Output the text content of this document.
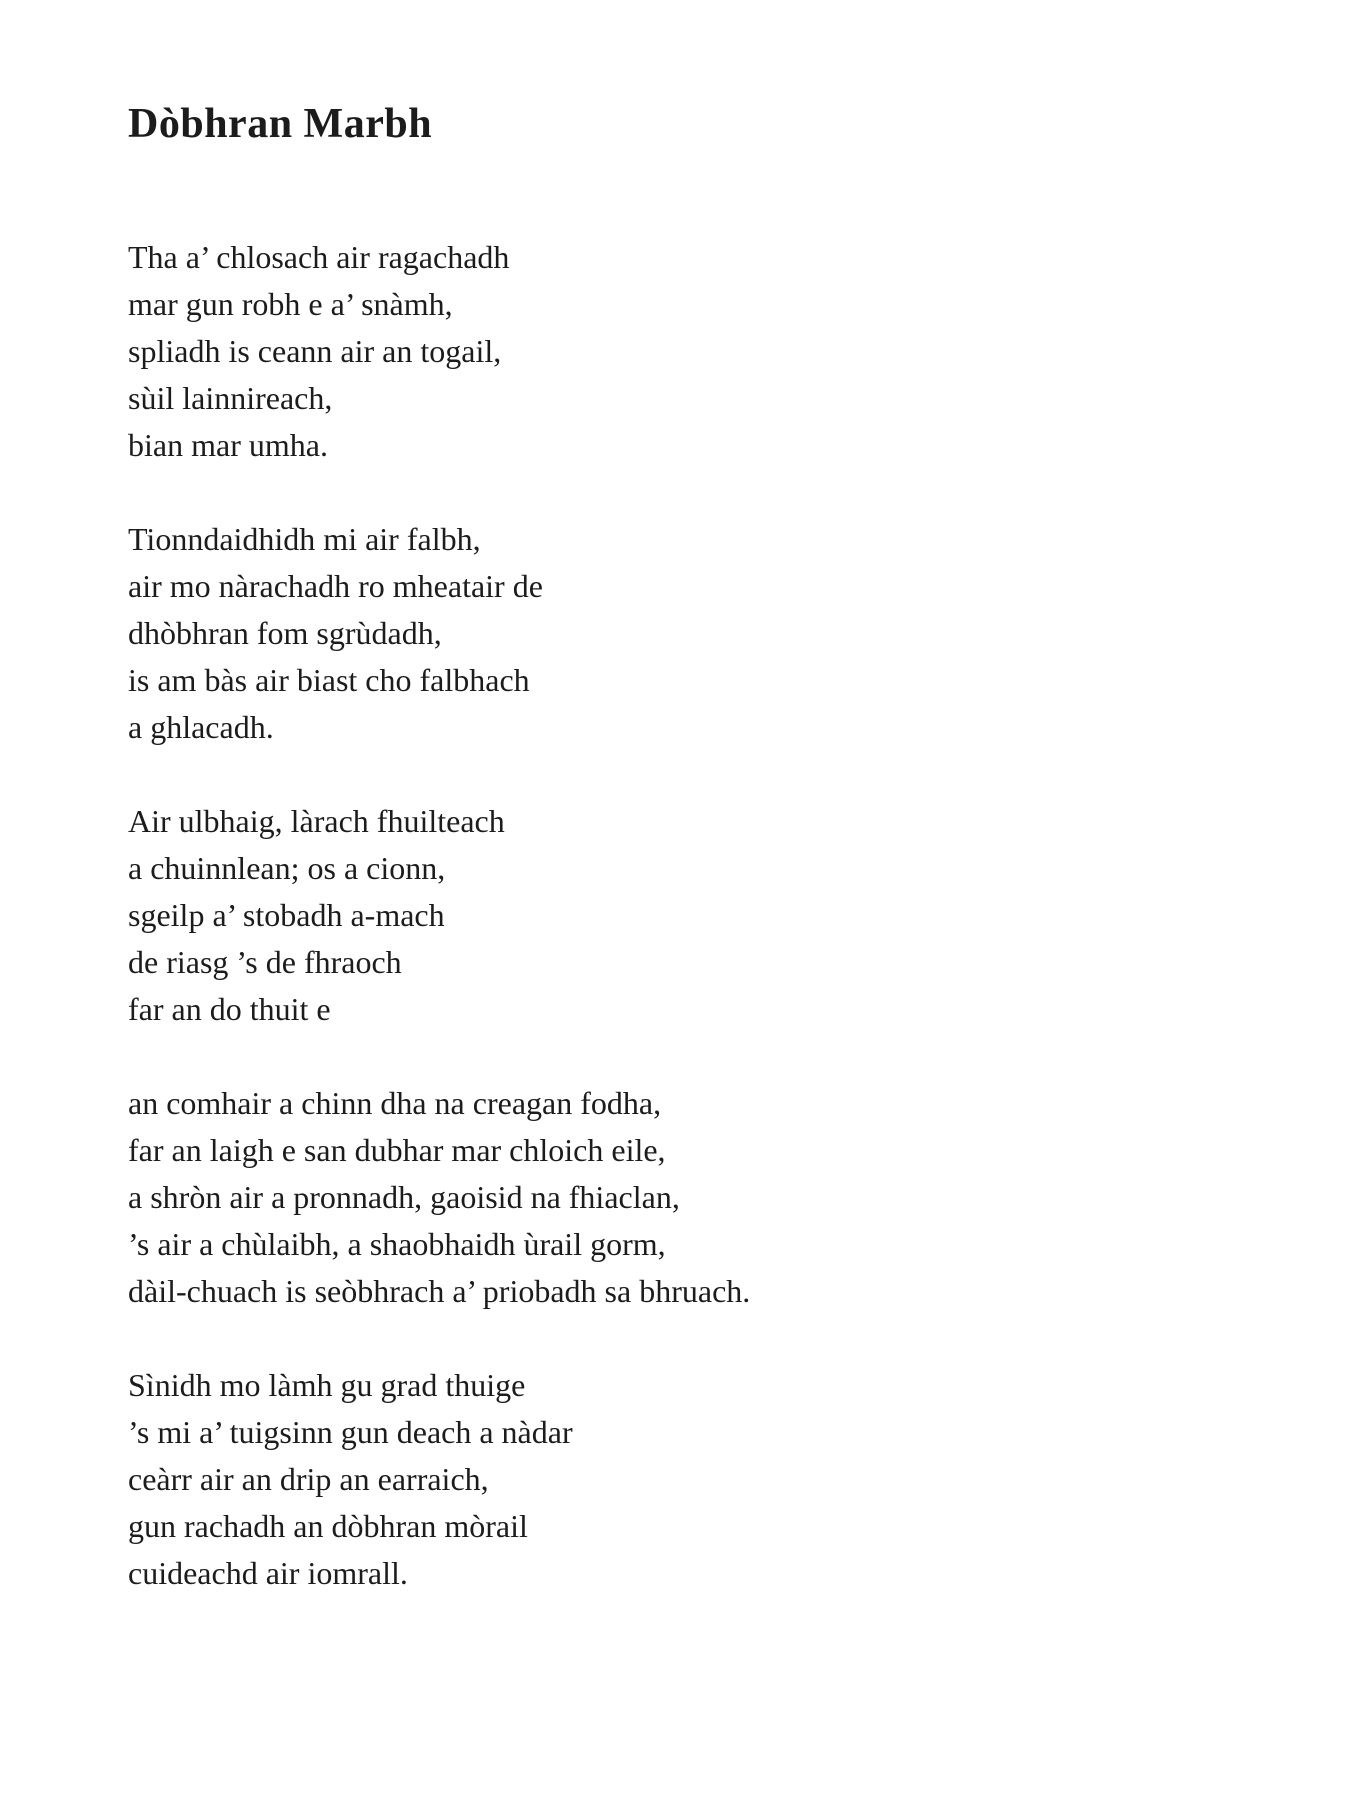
Dòbhran Marbh

Tha a’ chlosach air ragachadh

mar gun robh e a’ snàmh,

spliadh is ceann air an togail,

sùil lainnireach,

bian mar umha.

Tionndaidhidh mi air falbh,

air mo nàrachadh ro mheatair de

dhòbhran fom sgrùdadh,

is am bàs air biast cho falbhach

a ghlacadh.

Air ulbhaig, làrach fhuilteach

a chuinnlean; os a cionn,

sgeilp a’ stobadh a-mach

de riasg ’s de fhraoch

far an do thuit e

an comhair a chinn dha na creagan fodha,

far an laigh e san dubhar mar chloich eile,

a shròn air a pronnadh, gaoisid na fhiaclan,

’s air a chùlaibh, a shaobhaidh ùrail gorm,

dàil-chuach is seòbhrach a’ priobadh sa bhruach.

Sìnidh mo làmh gu grad thuige

’s mi a’ tuigsinn gun deach a nàdar

ceàrr air an drip an earraich,

gun rachadh an dòbhran mòrail

cuideachd air iomrall.
